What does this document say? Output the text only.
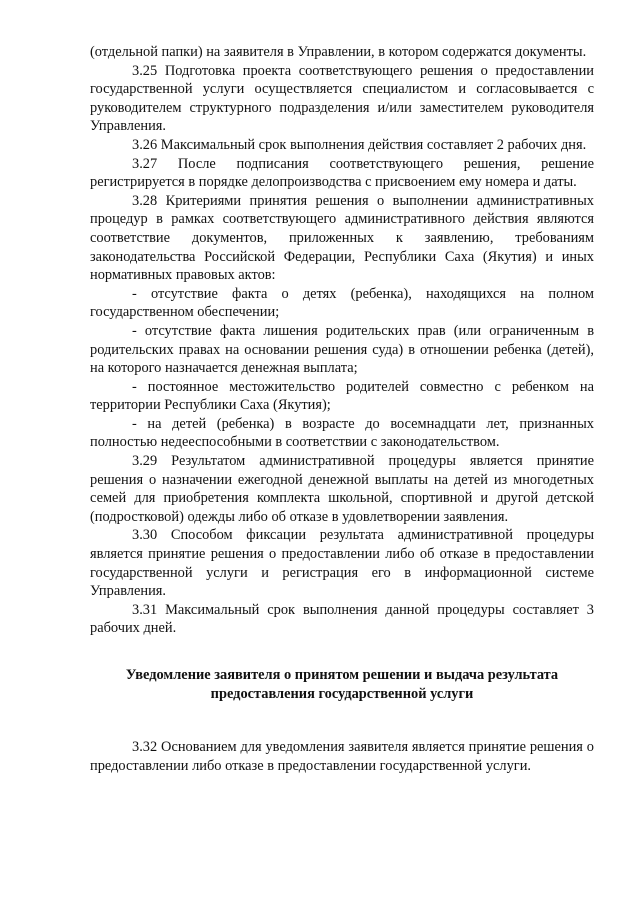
(отдельной папки) на заявителя в Управлении, в котором содержатся документы.

3.25 Подготовка проекта соответствующего решения о предоставлении государственной услуги осуществляется специалистом и согласовывается с руководителем структурного подразделения и/или заместителем руководителя Управления.

3.26 Максимальный срок выполнения действия составляет 2 рабочих дня.

3.27 После подписания соответствующего решения, решение регистрируется в порядке делопроизводства с присвоением ему номера и даты.

3.28 Критериями принятия решения о выполнении административных процедур в рамках соответствующего административного действия являются соответствие документов, приложенных к заявлению, требованиям законодательства Российской Федерации, Республики Саха (Якутия) и иных нормативных правовых актов:

- отсутствие факта о детях (ребенка), находящихся на полном государственном обеспечении;

- отсутствие факта лишения родительских прав (или ограниченным в родительских правах на основании решения суда) в отношении ребенка (детей), на которого назначается денежная выплата;

- постоянное местожительство родителей совместно с ребенком на территории Республики Саха (Якутия);

- на детей (ребенка) в возрасте до восемнадцати лет, признанных полностью недееспособными в соответствии с законодательством.

3.29 Результатом административной процедуры является принятие решения о назначении ежегодной денежной выплаты на детей из многодетных семей для приобретения комплекта школьной, спортивной и другой детской (подростковой) одежды либо об отказе в удовлетворении заявления.

3.30 Способом фиксации результата административной процедуры является принятие решения о предоставлении либо об отказе в предоставлении государственной услуги и регистрация его в информационной системе Управления.

3.31 Максимальный срок выполнения данной процедуры составляет 3 рабочих дней.

Уведомление заявителя о принятом решении и выдача результата предоставления государственной услуги

3.32 Основанием для уведомления заявителя является принятие решения о предоставлении либо отказе в предоставлении государственной услуги.
